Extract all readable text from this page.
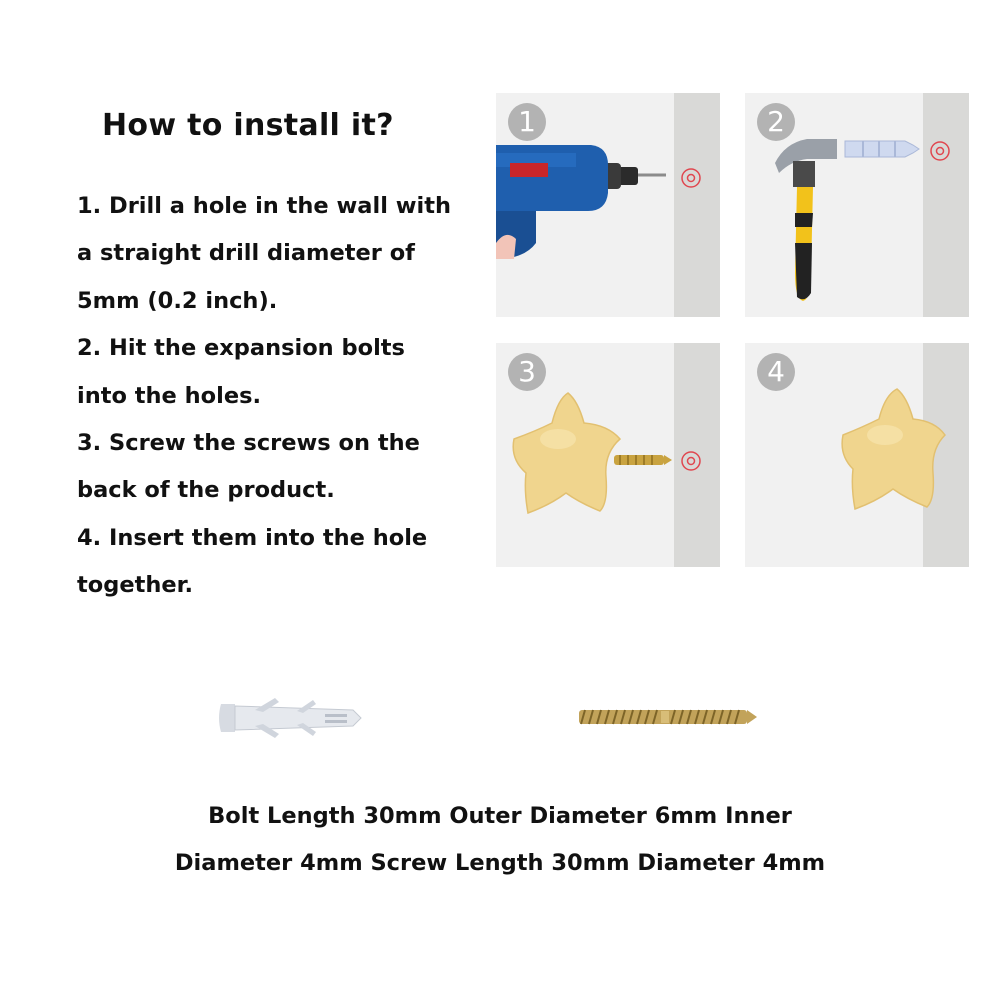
How to install it?
1. Drill a hole in the wall with
a straight drill diameter of
5mm (0.2 inch).
2. Hit the expansion bolts
into the holes.
3. Screw the screws on the
back of the product.
4. Insert them into the hole
together.
1	2
3	4
Bolt Length 30mm Outer Diameter 6mm Inner
Diameter 4mm Screw Length 30mm Diameter 4mm
